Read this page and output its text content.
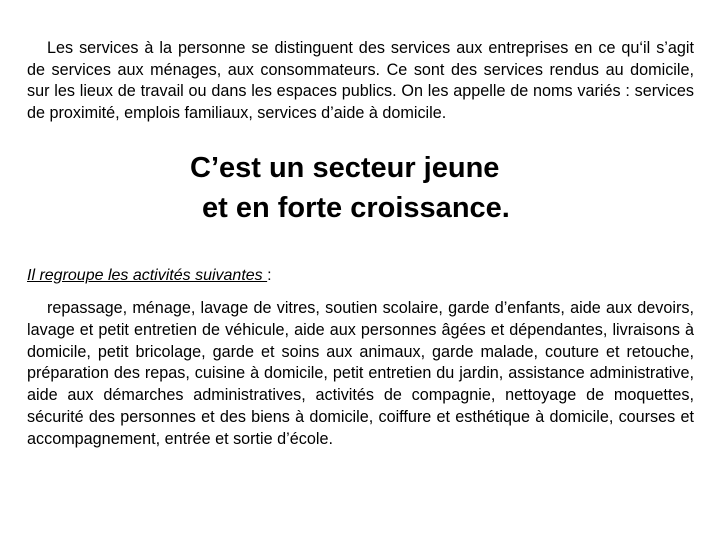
Les services à la personne se distinguent des services aux entreprises en ce qu‘il s’agit de services aux ménages, aux consommateurs. Ce sont des services rendus au domicile, sur les lieux de travail ou dans les espaces publics. On les appelle de noms variés : services de proximité, emplois familiaux, services d’aide à domicile.

C’est un secteur jeune
et en forte croissance.

Il regroupe les activités suivantes :

repassage, ménage, lavage de vitres, soutien scolaire, garde d’enfants, aide aux devoirs, lavage et petit entretien de véhicule, aide aux personnes âgées et dépendantes, livraisons à domicile, petit bricolage, garde et soins aux animaux, garde malade, couture et retouche, préparation des repas, cuisine à domicile, petit entretien du jardin, assistance administrative, aide aux démarches administratives, activités de compagnie, nettoyage de moquettes, sécurité des personnes et des biens à domicile, coiffure et esthétique à domicile, courses et accompagnement, entrée et sortie d’école.
